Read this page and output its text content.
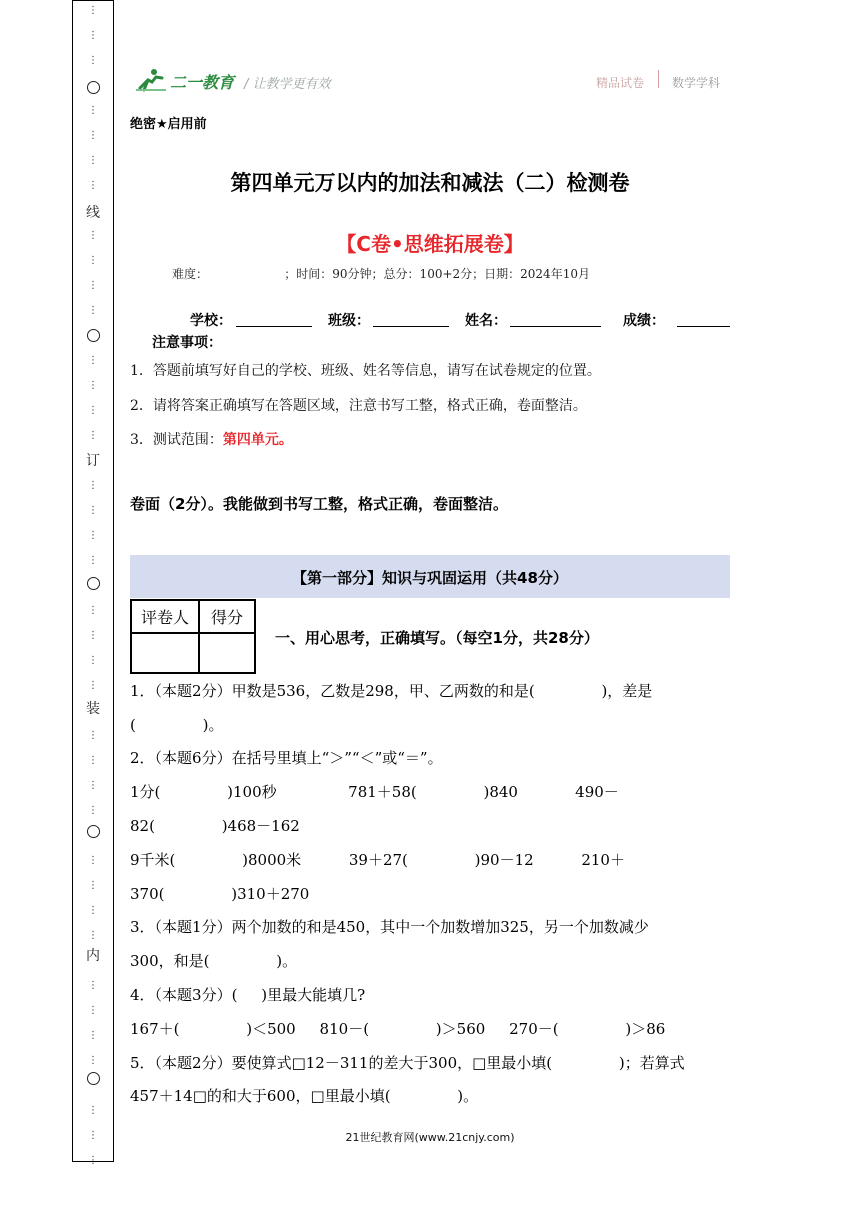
⋮
⋮
⋮
⋮
⋮
⋮
⋮
⋮
⋮
⋮
⋮
⋮
⋮
⋮
⋮
⋮
⋮
⋮
⋮
⋮
⋮
⋮
⋮
⋮
⋮
⋮
⋮
⋮
⋮
⋮
⋮
⋮
⋮
⋮
⋮
⋮
⋮
⋮
线
订
装
内
二一教育 / 让教学更有效	精品试卷 数学学科
绝密★启用前
第四单元万以内的加法和减法（二）检测卷
【C卷•思维拓展卷】
难度：                    ；时间：90分钟；总分：100+2分；日期：2024年10月
学校：	班级：	姓名：	成绩：
注意事项：
1．答题前填写好自己的学校、班级、姓名等信息，请写在试卷规定的位置。
2．请将答案正确填写在答题区域，注意书写工整，格式正确，卷面整洁。
3．测试范围：第四单元。
卷面（2分）。我能做到书写工整，格式正确，卷面整洁。
【第一部分】知识与巩固运用（共48分）
评卷人	得分

一、用心思考，正确填写。（每空1分，共28分）
1．（本题2分）甲数是536，乙数是298，甲、乙两数的和是(              )，差是
(              )。
2．（本题6分）在括号里填上“＞”“＜”或“＝”。
1分(              )100秒               781＋58(              )840            490－
82(              )468－162
9千米(              )8000米          39＋27(              )90－12          210＋
370(              )310＋270
3．（本题1分）两个加数的和是450，其中一个加数增加325，另一个加数减少
300，和是(              )。
4．（本题3分）(     )里最大能填几?
167＋(              )＜500     810－(              )＞560     270－(              )＞86
5．（本题2分）要使算式□12－311的差大于300，□里最小填(              )；若算式
457＋14□的和大于600，□里最小填(              )。
21世纪教育网(www.21cnjy.com)
